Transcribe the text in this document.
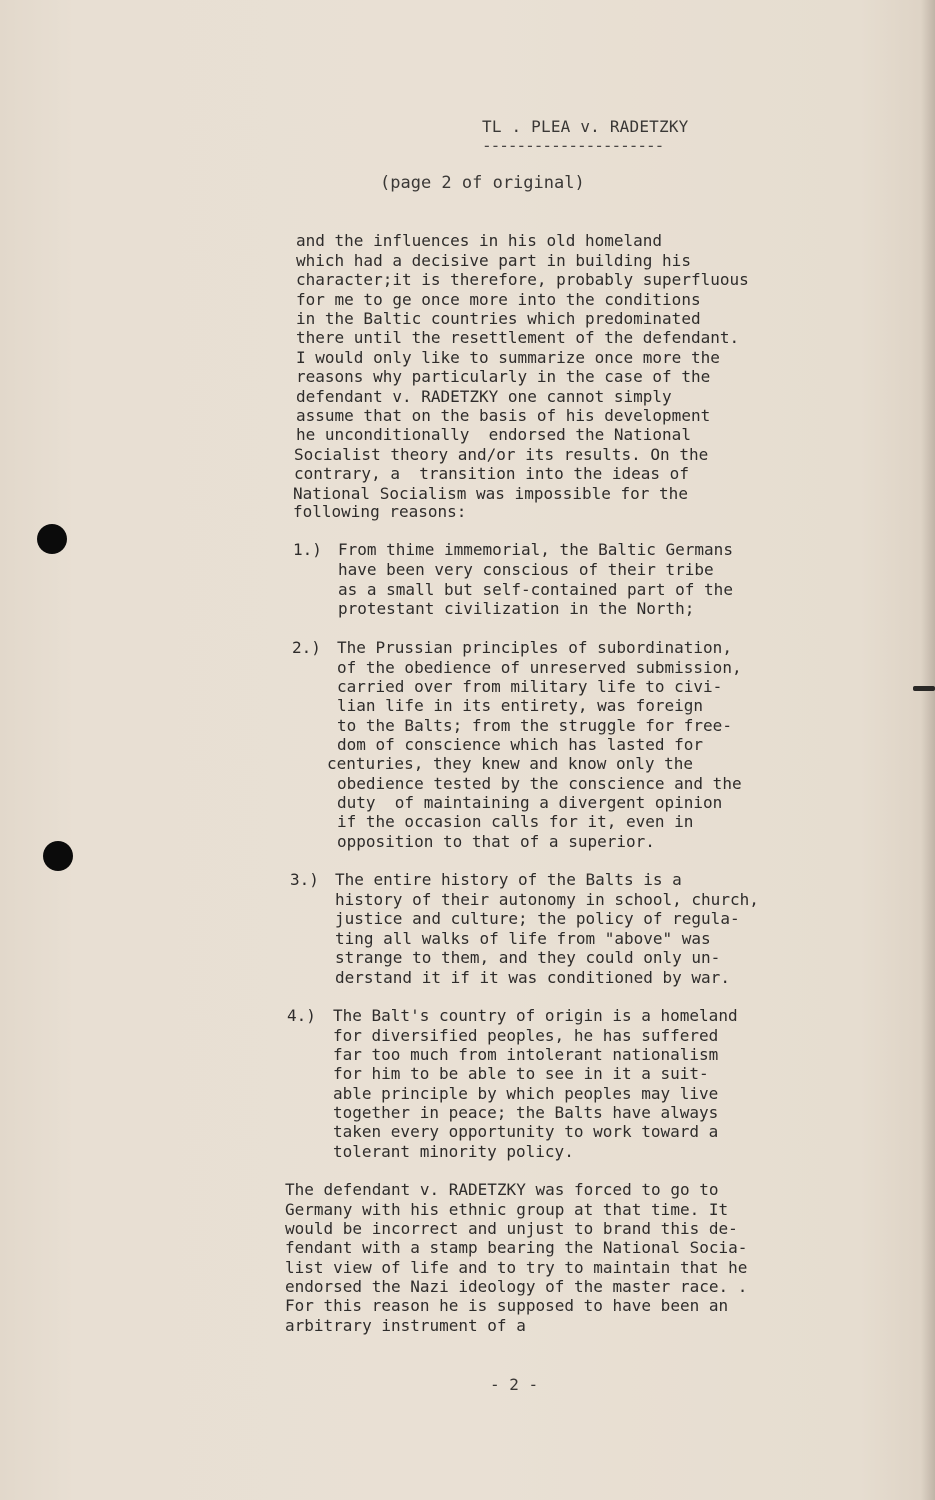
TL . PLEA v. RADETZKY
---------------------
(page 2 of original)
and the influences in his old homeland
which had a decisive part in building his
character;it is therefore, probably superfluous
for me to ge once more into the conditions
in the Baltic countries which predominated
there until the resettlement of the defendant.
I would only like to summarize once more the
reasons why particularly in the case of the
defendant v. RADETZKY one cannot simply
assume that on the basis of his development
he unconditionally  endorsed the National
Socialist theory and/or its results. On the
contrary, a  transition into the ideas of
National Socialism was impossible for the
following reasons:
1.) From thime immemorial, the Baltic Germans
have been very conscious of their tribe
as a small but self-contained part of the
protestant civilization in the North;
2.) The Prussian principles of subordination,
of the obedience of unreserved submission,
carried over from military life to civi-
lian life in its entirety, was foreign
to the Balts; from the struggle for free-
dom of conscience which has lasted for
centuries, they knew and know only the
obedience tested by the conscience and the
duty  of maintaining a divergent opinion
if the occasion calls for it, even in
opposition to that of a superior.
3.) The entire history of the Balts is a
history of their autonomy in school, church,
justice and culture; the policy of regula-
ting all walks of life from "above" was
strange to them, and they could only un-
derstand it if it was conditioned by war.
4.) The Balt's country of origin is a homeland
for diversified peoples, he has suffered
far too much from intolerant nationalism
for him to be able to see in it a suit-
able principle by which peoples may live
together in peace; the Balts have always
taken every opportunity to work toward a
tolerant minority policy.
The defendant v. RADETZKY was forced to go to
Germany with his ethnic group at that time. It
would be incorrect and unjust to brand this de-
fendant with a stamp bearing the National Socia-
list view of life and to try to maintain that he
endorsed the Nazi ideology of the master race. .
For this reason he is supposed to have been an
arbitrary instrument of a
- 2 -
